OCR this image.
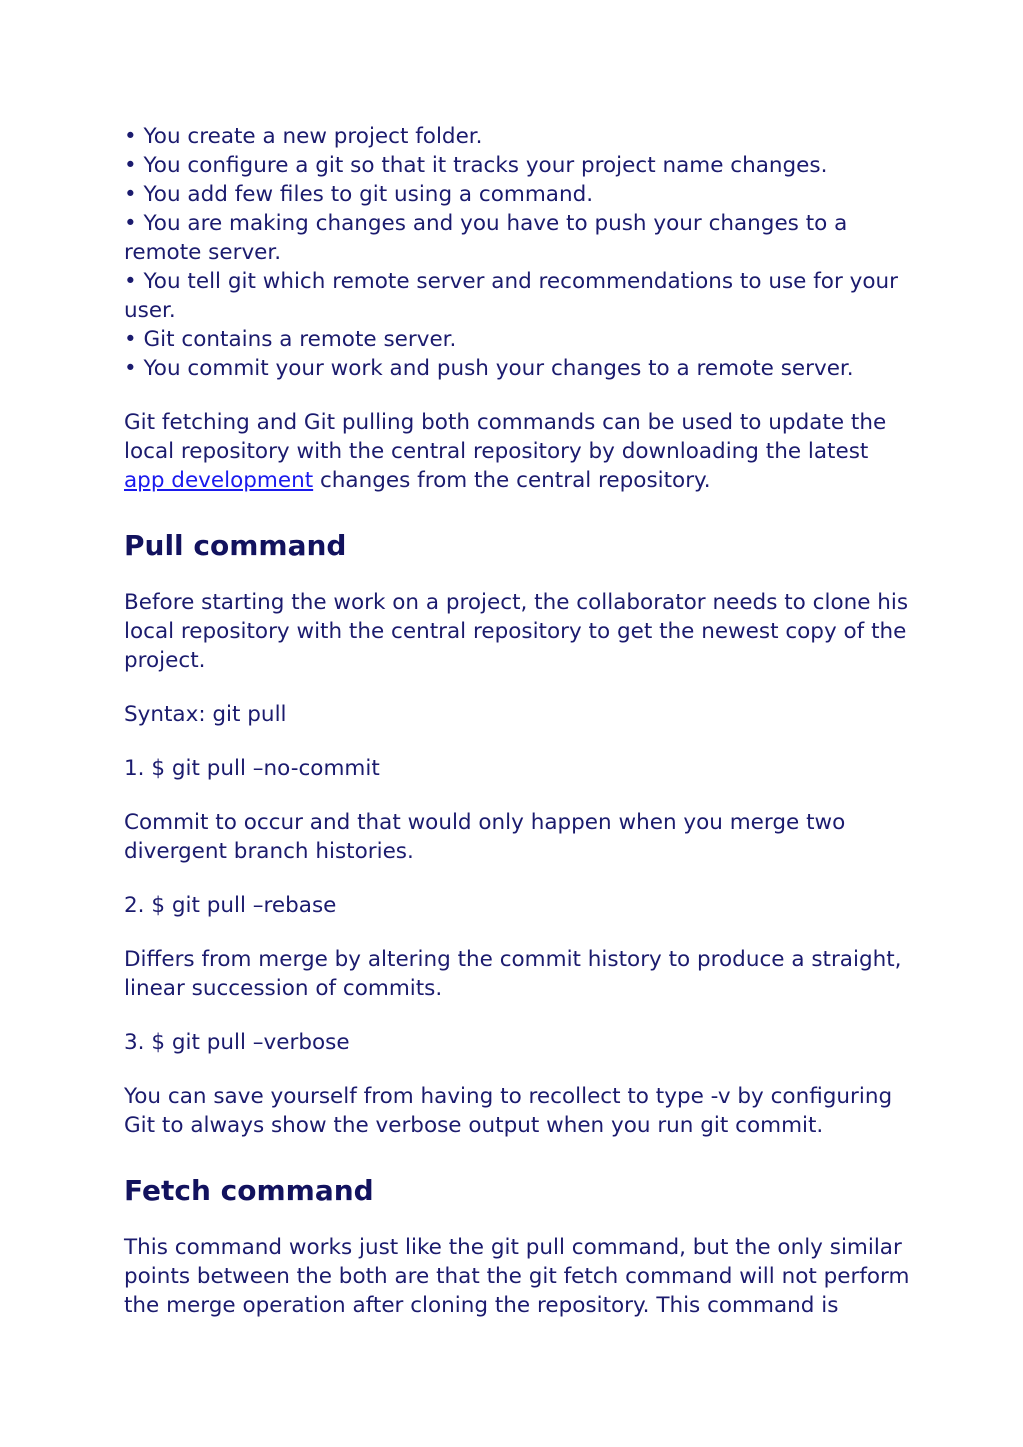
• You create a new project folder.
• You configure a git so that it tracks your project name changes.
• You add few files to git using a command.
• You are making changes and you have to push your changes to a remote server.
• You tell git which remote server and recommendations to use for your user.
• Git contains a remote server.
• You commit your work and push your changes to a remote server.

Git fetching and Git pulling both commands can be used to update the local repository with the central repository by downloading the latest app development changes from the central repository.

Pull command

Before starting the work on a project, the collaborator needs to clone his local repository with the central repository to get the newest copy of the project.

Syntax: git pull

1. $ git pull –no-commit

Commit to occur and that would only happen when you merge two divergent branch histories.

2. $ git pull –rebase

Differs from merge by altering the commit history to produce a straight, linear succession of commits.

3. $ git pull –verbose

You can save yourself from having to recollect to type -v by configuring Git to always show the verbose output when you run git commit.

Fetch command

This command works just like the git pull command, but the only similar points between the both are that the git fetch command will not perform the merge operation after cloning the repository. This command is
